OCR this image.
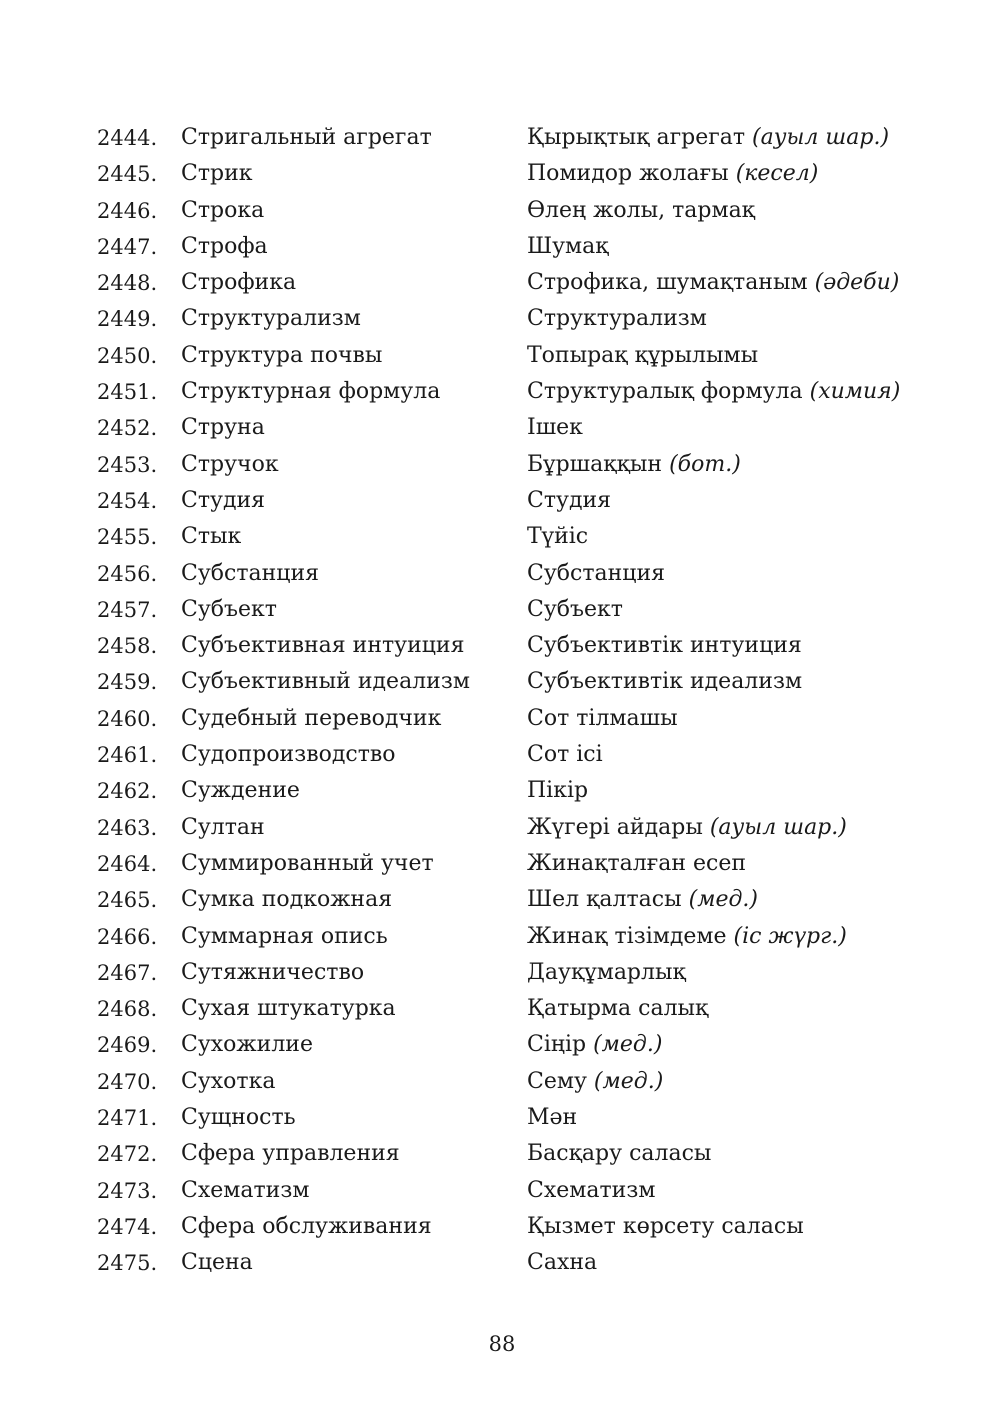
2444. Стригальный агрегат	Қырықтық агрегат (ауыл шар.)
2445. Стрик	Помидор жолағы (кесел)
2446. Строка	Өлең жолы, тармақ
2447. Строфа	Шумақ
2448. Строфика	Строфика, шумақтаным (әдеби)
2449. Структурализм	Структурализм
2450. Структура почвы	Топырақ құрылымы
2451. Структурная формула	Структуралық формула (химия)
2452. Струна	Ішек
2453. Стручок	Бұршаққын (бот.)
2454. Студия	Студия
2455. Стык	Түйіс
2456. Субстанция	Субстанция
2457. Субъект	Субъект
2458. Субъективная интуиция	Субъективтік интуиция
2459. Субъективный идеализм	Субъективтік идеализм
2460. Судебный переводчик	Сот тілмашы
2461. Судопроизводство	Сот ісі
2462. Суждение	Пікір
2463. Султан	Жүгері айдары (ауыл шар.)
2464. Суммированный учет	Жинақталған есеп
2465. Сумка подкожная	Шел қалтасы (мед.)
2466. Суммарная опись	Жинақ тізімдеме (іс жүрг.)
2467. Сутяжничество	Дауқұмарлық
2468. Сухая штукатурка	Қатырма салық
2469. Сухожилие	Сіңір (мед.)
2470. Сухотка	Сему (мед.)
2471. Сущность	Мән
2472. Сфера управления	Басқару саласы
2473. Схематизм	Схематизм
2474. Сфера обслуживания	Қызмет көрсету саласы
2475. Сцена	Сахна
88
